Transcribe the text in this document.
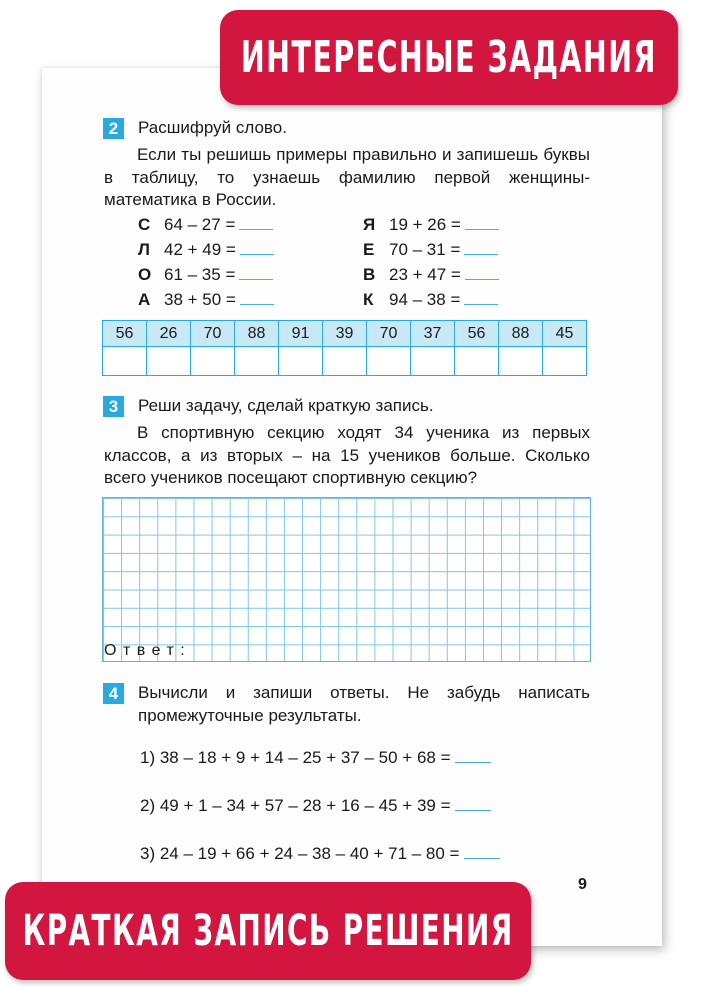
ИНТЕРЕСНЫЕ ЗАДАНИЯ
2	Расшифруй слово.
Если ты решишь примеры правильно и запишешь буквы в таблицу, то узнаешь фамилию первой женщины-математика в России.
С 64 – 27 =
Л 42 + 49 =
О 61 – 35 =
А 38 + 50 =
Я 19 + 26 =
Е 70 – 31 =
В 23 + 47 =
К 94 – 38 =
56	26	70	88	91	39	70	37	56	88	45

3	Реши задачу, сделай краткую запись.
В спортивную секцию ходят 34 ученика из первых классов, а из вторых – на 15 учеников больше. Сколько всего учеников посещают спортивную секцию?
Ответ:
4	Вычисли и запиши ответы. Не забудь написать промежуточные результаты.
1) 38 – 18 + 9 + 14 – 25 + 37 – 50 + 68 =
2) 49 + 1 – 34 + 57 – 28 + 16 – 45 + 39 =
3) 24 – 19 + 66 + 24 – 38 – 40 + 71 – 80 =
9
КРАТКАЯ ЗАПИСЬ РЕШЕНИЯ
